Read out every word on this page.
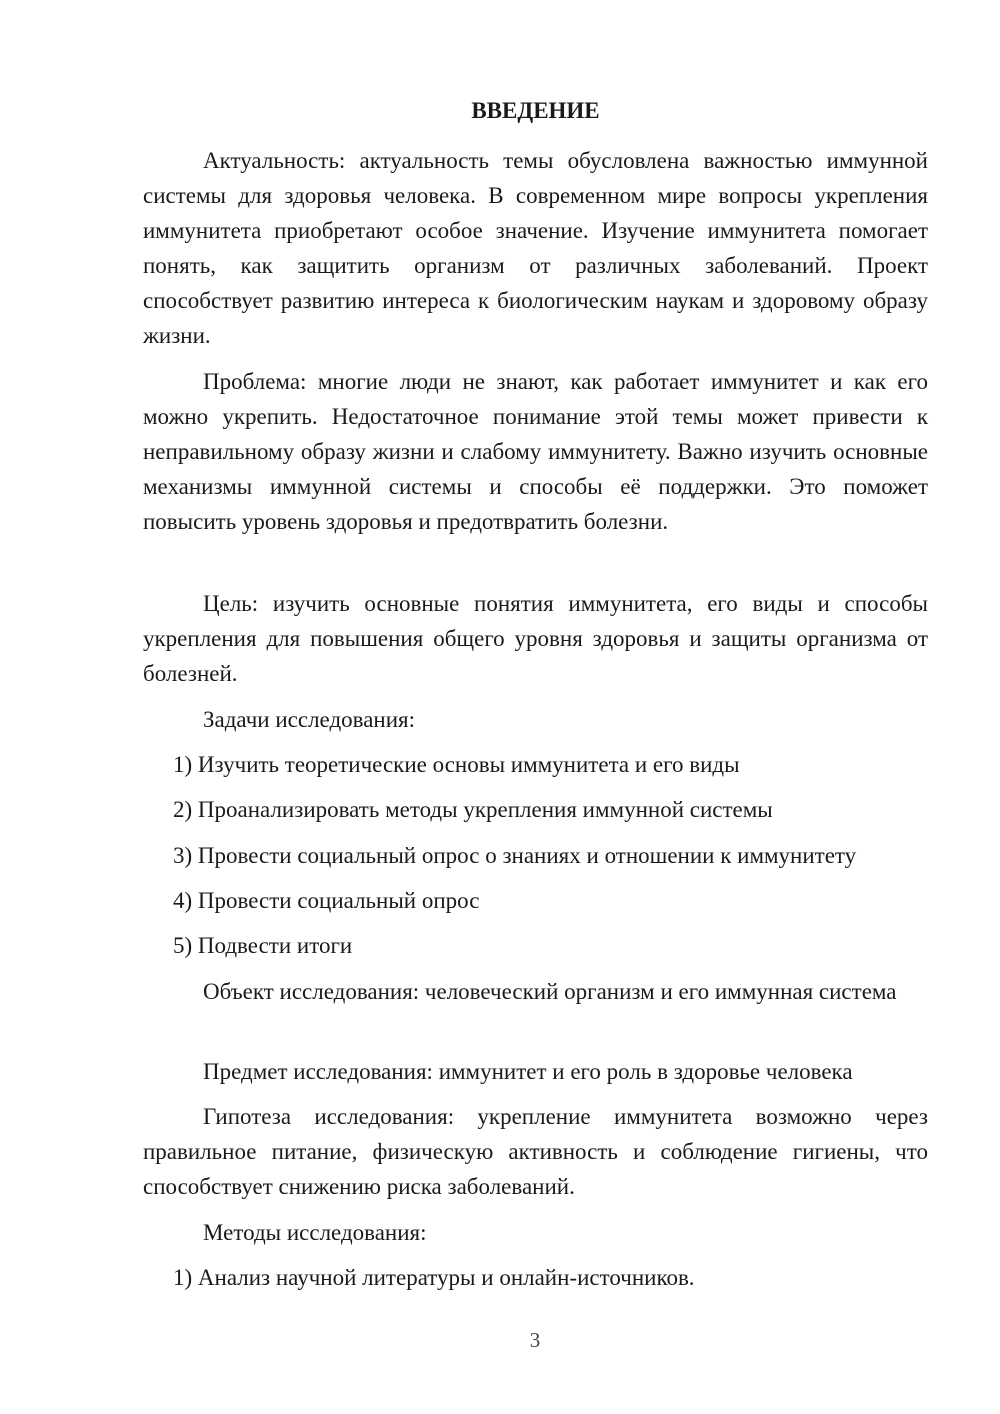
ВВЕДЕНИЕ

Актуальность: актуальность темы обусловлена важностью иммунной системы для здоровья человека. В современном мире вопросы укрепления иммунитета приобретают особое значение. Изучение иммунитета помогает понять, как защитить организм от различных заболеваний. Проект способствует развитию интереса к биологическим наукам и здоровому образу жизни.

Проблема: многие люди не знают, как работает иммунитет и как его можно укрепить. Недостаточное понимание этой темы может привести к неправильному образу жизни и слабому иммунитету. Важно изучить основные механизмы иммунной системы и способы её поддержки. Это поможет повысить уровень здоровья и предотвратить болезни.

Цель: изучить основные понятия иммунитета, его виды и способы укрепления для повышения общего уровня здоровья и защиты организма от болезней.

Задачи исследования:

1) Изучить теоретические основы иммунитета и его виды

2) Проанализировать методы укрепления иммунной системы

3) Провести социальный опрос о знаниях и отношении к иммунитету

4) Провести социальный опрос

5) Подвести итоги

Объект исследования: человеческий организм и его иммунная система

Предмет исследования: иммунитет и его роль в здоровье человека

Гипотеза исследования: укрепление иммунитета возможно через правильное питание, физическую активность и соблюдение гигиены, что способствует снижению риска заболеваний.

Методы исследования:

1) Анализ научной литературы и онлайн-источников.

3
